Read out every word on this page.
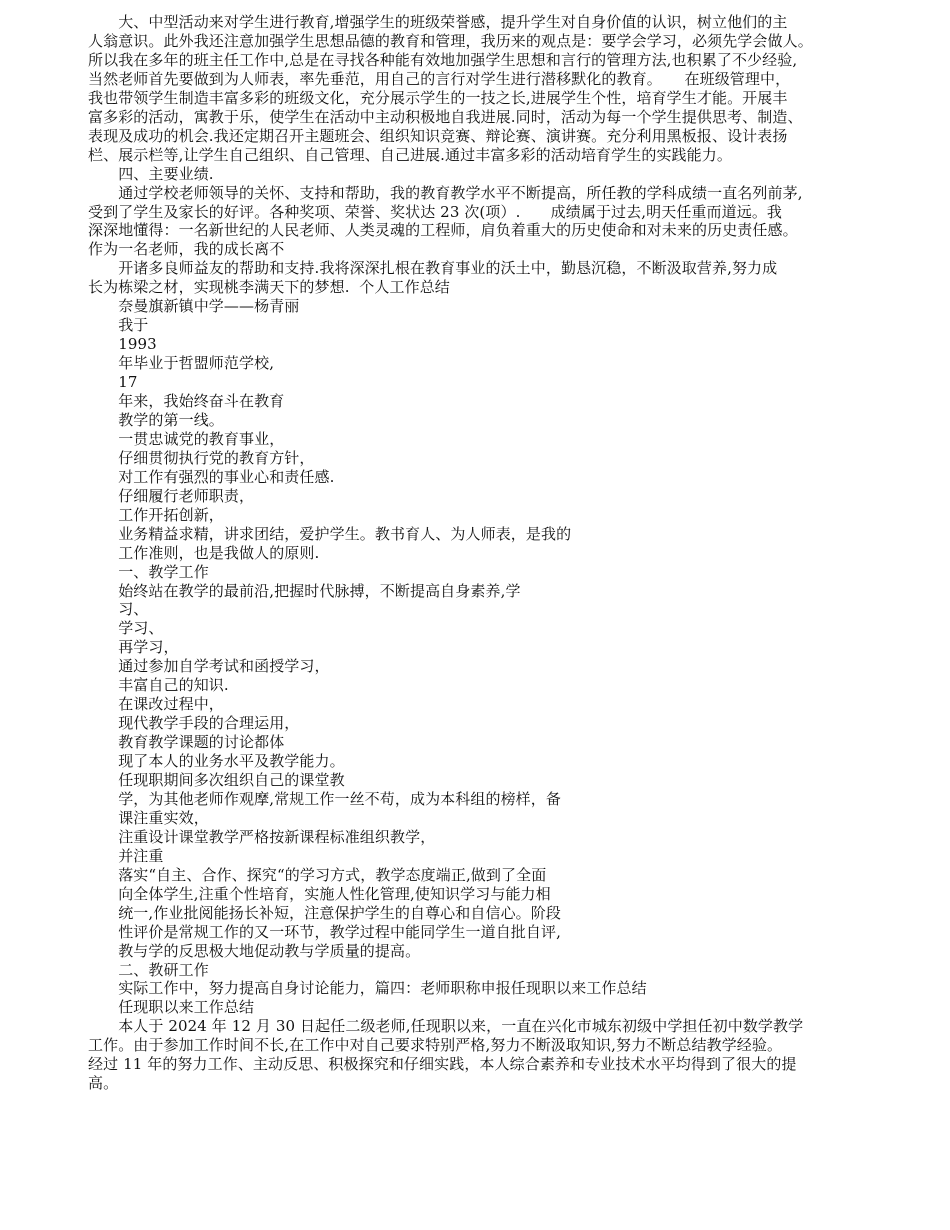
　　大、中型活动来对学生进行教育,增强学生的班级荣誉感，提升学生对自身价值的认识，树立他们的主
人翁意识。此外我还注意加强学生思想品德的教育和管理，我历来的观点是：要学会学习，必须先学会做人。
所以我在多年的班主任工作中,总是在寻找各种能有效地加强学生思想和言行的管理方法,也积累了不少经验,
当然老师首先要做到为人师表，率先垂范，用自己的言行对学生进行潜移默化的教育。　　在班级管理中，
我也带领学生制造丰富多彩的班级文化，充分展示学生的一技之长,进展学生个性，培育学生才能。开展丰
富多彩的活动，寓教于乐，使学生在活动中主动积极地自我进展.同时，活动为每一个学生提供思考、制造、
表现及成功的机会.我还定期召开主题班会、组织知识竞赛、辩论赛、演讲赛。充分利用黑板报、设计表扬
栏、展示栏等,让学生自己组织、自己管理、自己进展.通过丰富多彩的活动培育学生的实践能力。
　　四、主要业绩.
　　通过学校老师领导的关怀、支持和帮助，我的教育教学水平不断提高，所任教的学科成绩一直名列前茅,
受到了学生及家长的好评。各种奖项、荣誉、奖状达 23 次(项）.　　成绩属于过去,明天任重而道远。我
深深地懂得：一名新世纪的人民老师、人类灵魂的工程师，肩负着重大的历史使命和对未来的历史责任感。
作为一名老师，我的成长离不
　　开诸多良师益友的帮助和支持.我将深深扎根在教育事业的沃土中，勤恳沉稳，不断汲取营养,努力成
长为栋梁之材，实现桃李满天下的梦想.  个人工作总结
　　奈曼旗新镇中学——杨青丽
　　我于
　　1993
　　年毕业于哲盟师范学校,
　　17
　　年来，我始终奋斗在教育
　　教学的第一线。
　　一贯忠诚党的教育事业，
　　仔细贯彻执行党的教育方针，
　　对工作有强烈的事业心和责任感.
　　仔细履行老师职责，
　　工作开拓创新，
　　业务精益求精，讲求团结，爱护学生。教书育人、为人师表，是我的
　　工作准则，也是我做人的原则.
　　一、教学工作
　　始终站在教学的最前沿,把握时代脉搏，不断提高自身素养,学
　　习、
　　学习、
　　再学习，
　　通过参加自学考试和函授学习，
　　丰富自己的知识.
　　在课改过程中，
　　现代教学手段的合理运用，
　　教育教学课题的讨论都体
　　现了本人的业务水平及教学能力。
　　任现职期间多次组织自己的课堂教
　　学，为其他老师作观摩,常规工作一丝不苟，成为本科组的榜样，备
　　课注重实效，
　　注重设计课堂教学严格按新课程标准组织教学，
　　并注重
　　落实“自主、合作、探究“的学习方式，教学态度端正,做到了全面
　　向全体学生,注重个性培育，实施人性化管理,使知识学习与能力相
　　统一,作业批阅能扬长补短，注意保护学生的自尊心和自信心。阶段
　　性评价是常规工作的又一环节，教学过程中能同学生一道自批自评,
　　教与学的反思极大地促动教与学质量的提高。
　　二、教研工作
　　实际工作中，努力提高自身讨论能力，篇四：老师职称申报任现职以来工作总结
　　任现职以来工作总结
　　本人于 2024 年 12 月 30 日起任二级老师,任现职以来，一直在兴化市城东初级中学担任初中数学教学
工作。由于参加工作时间不长,在工作中对自己要求特别严格,努力不断汲取知识,努力不断总结教学经验。
经过 11 年的努力工作、主动反思、积极探究和仔细实践，本人综合素养和专业技术水平均得到了很大的提
高。
